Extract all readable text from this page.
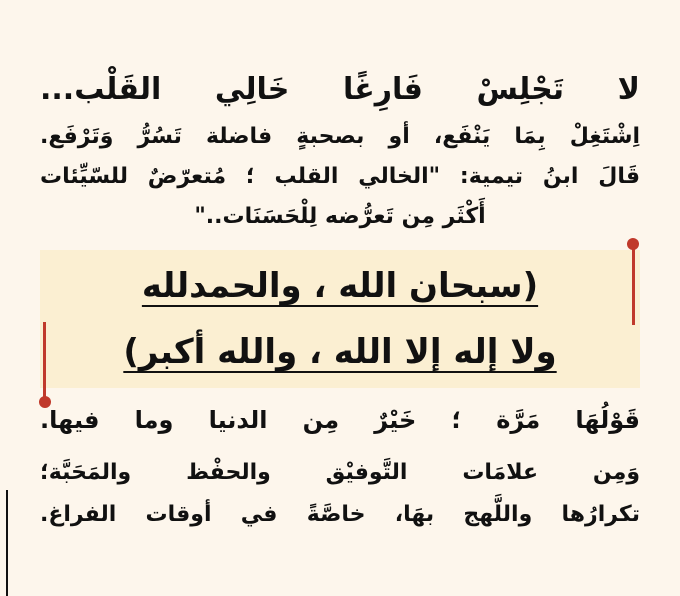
لا تَجْلِسْ فَارِغًا خَالِي القَلْب...
اِشْتَغِلْ بِمَا يَنْفَع، أو بصحبةٍ فاضلة تَسُرُّ وَتَرْفَع.
قَالَ ابنُ تيمية: "الخالي القلب ؛ مُتعرّضٌ للسّيِّئات
أَكْثَر مِن تَعرُّضه لِلْحَسَنَات.."
(سبحان الله ، والحمدلله
ولا إله إلا الله ، والله أكبر)
قَوْلُهَا مَرَّة ؛ خَيْرٌ مِن الدنيا وما فيها.
وَمِن علامَات التَّوفيْق والحفْظ والمَحَبَّة؛
تكرارُها واللَّهج بهَا، خاصَّةً في أوقات الفراغ.
